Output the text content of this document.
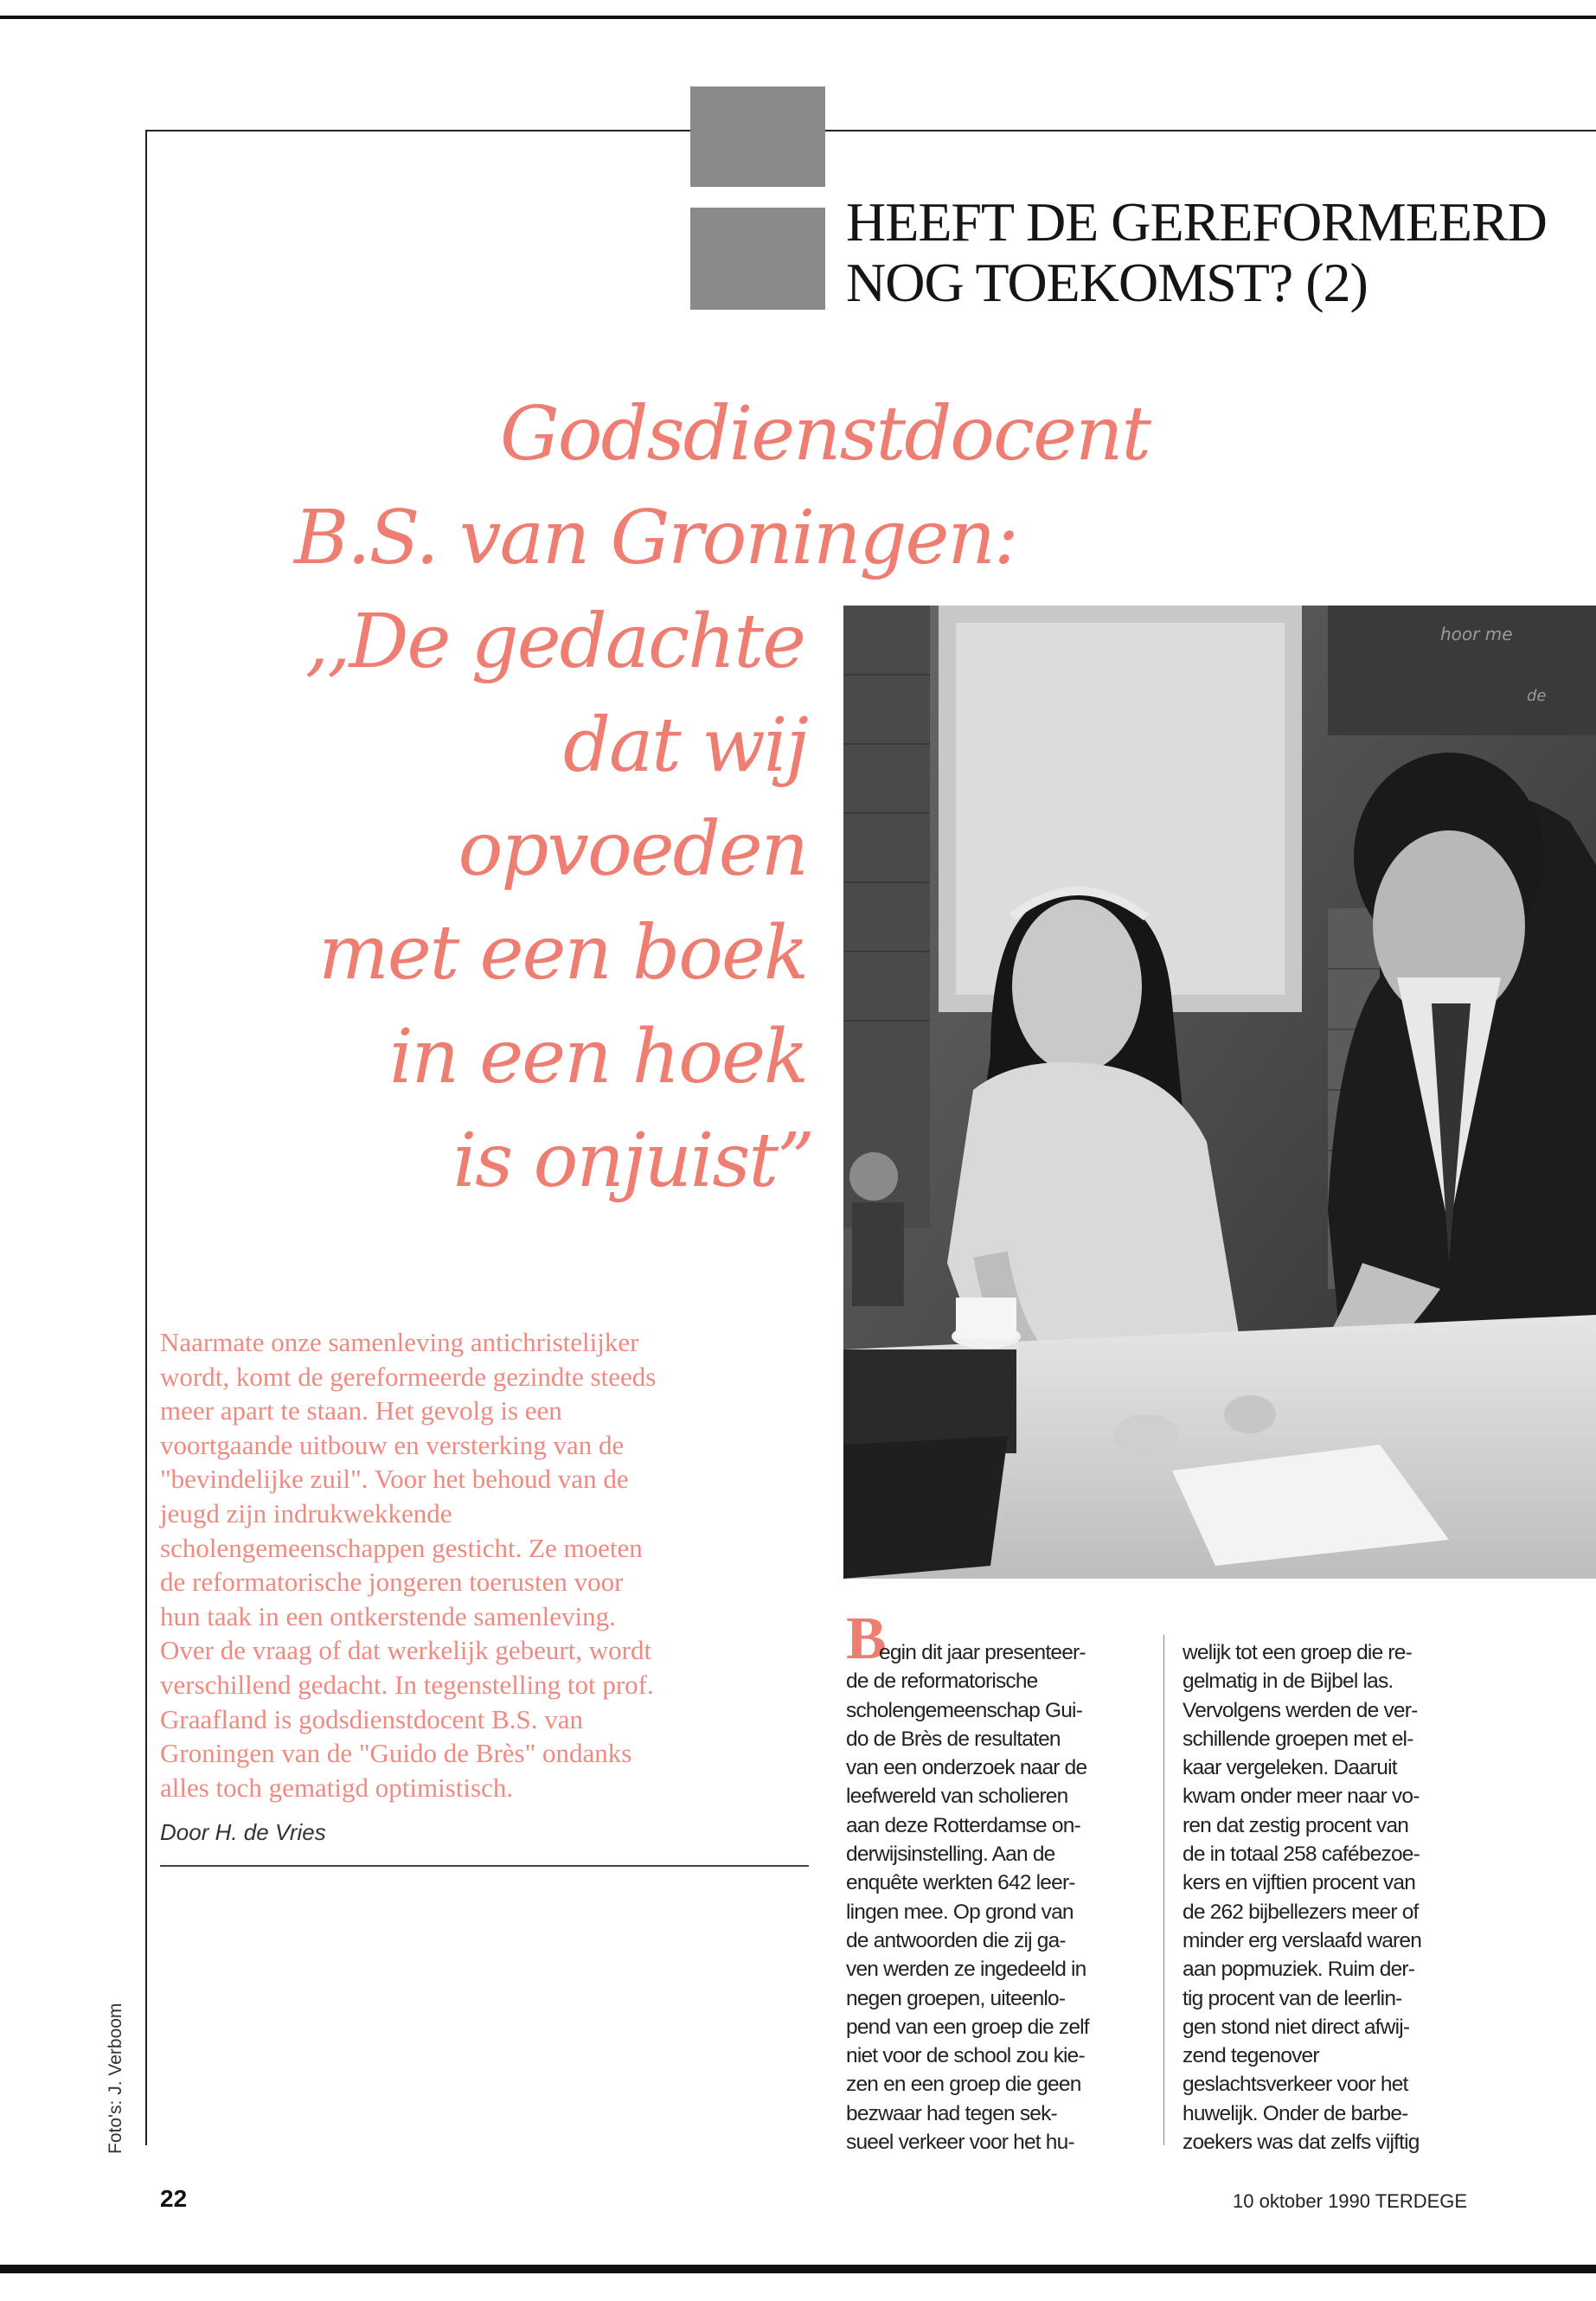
HEEFT DE GEREFORMEERD
NOG TOEKOMST? (2)
Godsdienstdocent
B.S. van Groningen:
,,De gedachte
dat wij
opvoeden
met een boek
in een hoek
is onjuist”
hoor me
de
Naarmate onze samenleving antichristelijker
wordt, komt de gereformeerde gezindte steeds
meer apart te staan. Het gevolg is een
voortgaande uitbouw en versterking van de
"bevindelijke zuil". Voor het behoud van de
jeugd zijn indrukwekkende
scholengemeenschappen gesticht. Ze moeten
de reformatorische jongeren toerusten voor
hun taak in een ontkerstende samenleving.
Over de vraag of dat werkelijk gebeurt, wordt
verschillend gedacht. In tegenstelling tot prof.
Graafland is godsdienstdocent B.S. van
Groningen van de "Guido de Brès" ondanks
alles toch gematigd optimistisch.
Door H. de Vries
B
egin dit jaar presenteer-
de de reformatorische
scholengemeenschap Gui-
do de Brès de resultaten
van een onderzoek naar de
leefwereld van scholieren
aan deze Rotterdamse on-
derwijsinstelling. Aan de
enquête werkten 642 leer-
lingen mee. Op grond van
de antwoorden die zij ga-
ven werden ze ingedeeld in
negen groepen, uiteenlo-
pend van een groep die zelf
niet voor de school zou kie-
zen en een groep die geen
bezwaar had tegen sek-
sueel verkeer voor het hu-
welijk tot een groep die re-
gelmatig in de Bijbel las.
Vervolgens werden de ver-
schillende groepen met el-
kaar vergeleken. Daaruit
kwam onder meer naar vo-
ren dat zestig procent van
de in totaal 258 cafébezoe-
kers en vijftien procent van
de 262 bijbellezers meer of
minder erg verslaafd waren
aan popmuziek. Ruim der-
tig procent van de leerlin-
gen stond niet direct afwij-
zend tegenover
geslachtsverkeer voor het
huwelijk. Onder de barbe-
zoekers was dat zelfs vijftig
Foto's: J. Verboom
22	10 oktober 1990 TERDEGE
